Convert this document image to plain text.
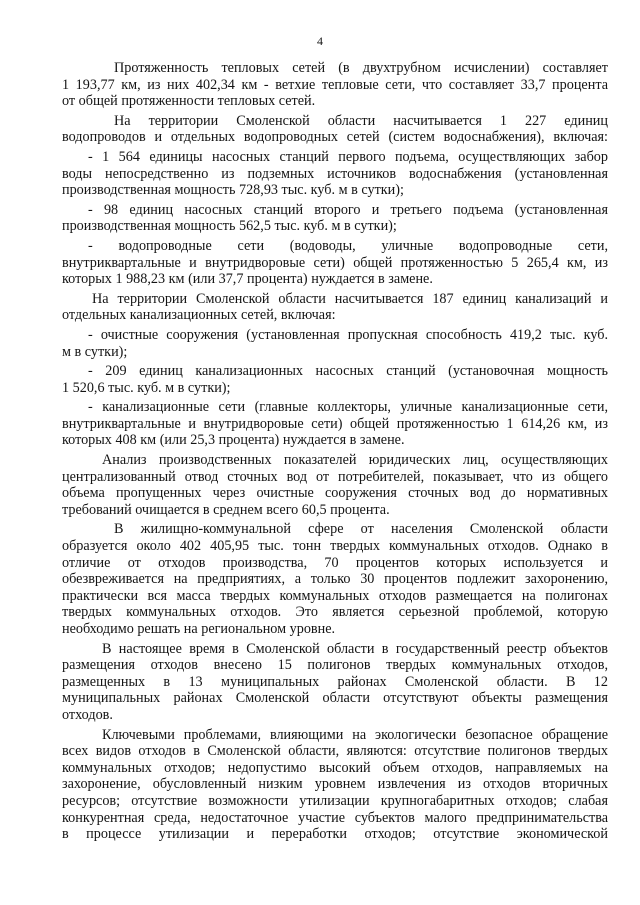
4

Протяженность тепловых сетей (в двухтрубном исчислении) составляет

1 193,77 км, из них 402,34 км - ветхие тепловые сети, что составляет 33,7 процента

от общей протяженности тепловых сетей.

На территории Смоленской области насчитывается 1 227 единиц

водопроводов и отдельных водопроводных сетей (систем водоснабжения), включая:

- 1 564 единицы насосных станций первого подъема, осуществляющих забор

воды непосредственно из подземных источников водоснабжения (установленная

производственная мощность 728,93 тыс. куб. м в сутки);

- 98 единиц насосных станций второго и третьего подъема (установленная

производственная мощность 562,5 тыс. куб. м в сутки);

- водопроводные сети (водоводы, уличные водопроводные сети,

внутриквартальные и внутридворовые сети) общей протяженностью 5 265,4 км, из

которых 1 988,23 км (или 37,7 процента) нуждается в замене.

На территории Смоленской области насчитывается 187 единиц канализаций и

отдельных канализационных сетей, включая:

- очистные сооружения (установленная пропускная способность 419,2 тыс. куб.

м в сутки);

- 209 единиц канализационных насосных станций (установочная мощность

1 520,6 тыс. куб. м в сутки);

- канализационные сети (главные коллекторы, уличные канализационные сети,

внутриквартальные и внутридворовые сети) общей протяженностью 1 614,26 км, из

которых 408 км (или 25,3 процента) нуждается в замене.

Анализ производственных показателей юридических лиц, осуществляющих

централизованный отвод сточных вод от потребителей, показывает, что из общего

объема пропущенных через очистные сооружения сточных вод до нормативных

требований очищается в среднем всего 60,5 процента.

В жилищно-коммунальной сфере от населения Смоленской области

образуется около 402 405,95 тыс. тонн твердых коммунальных отходов. Однако в

отличие от отходов производства, 70 процентов которых используется и

обезвреживается на предприятиях, а только 30 процентов подлежит захоронению,

практически вся масса твердых коммунальных отходов размещается на полигонах

твердых коммунальных отходов. Это является серьезной проблемой, которую

необходимо решать на региональном уровне.

В настоящее время в Смоленской области в государственный реестр объектов

размещения отходов внесено 15 полигонов твердых коммунальных отходов,

размещенных в 13 муниципальных районах Смоленской области. В 12

муниципальных районах Смоленской области отсутствуют объекты размещения

отходов.

Ключевыми проблемами, влияющими на экологически безопасное обращение

всех видов отходов в Смоленской области, являются: отсутствие полигонов твердых

коммунальных отходов; недопустимо высокий объем отходов, направляемых на

захоронение, обусловленный низким уровнем извлечения из отходов вторичных

ресурсов; отсутствие возможности утилизации крупногабаритных отходов; слабая

конкурентная среда, недостаточное участие субъектов малого предпринимательства

в процессе утилизации и переработки отходов; отсутствие экономической
